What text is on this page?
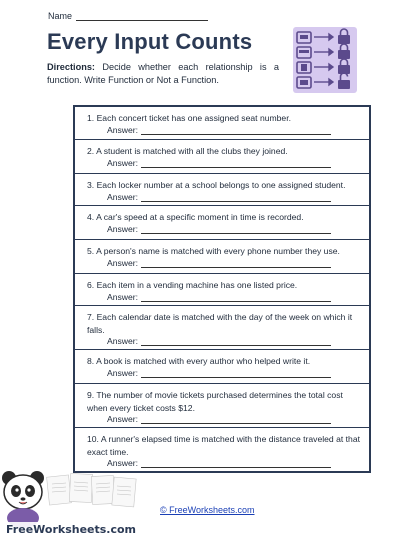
Name
Every Input Counts
Directions: Decide whether each relationship is a function. Write Function or Not a Function.
1. Each concert ticket has one assigned seat number.
Answer:
2. A student is matched with all the clubs they joined.
Answer:
3. Each locker number at a school belongs to one assigned student.
Answer:
4. A car's speed at a specific moment in time is recorded.
Answer:
5. A person's name is matched with every phone number they use.
Answer:
6. Each item in a vending machine has one listed price.
Answer:
7. Each calendar date is matched with the day of the week on which it falls.
Answer:
8. A book is matched with every author who helped write it.
Answer:
9. The number of movie tickets purchased determines the total cost when every ticket costs $12.
Answer:
10. A runner's elapsed time is matched with the distance traveled at that exact time.
Answer:
© FreeWorksheets.com
FreeWorksheets.com
